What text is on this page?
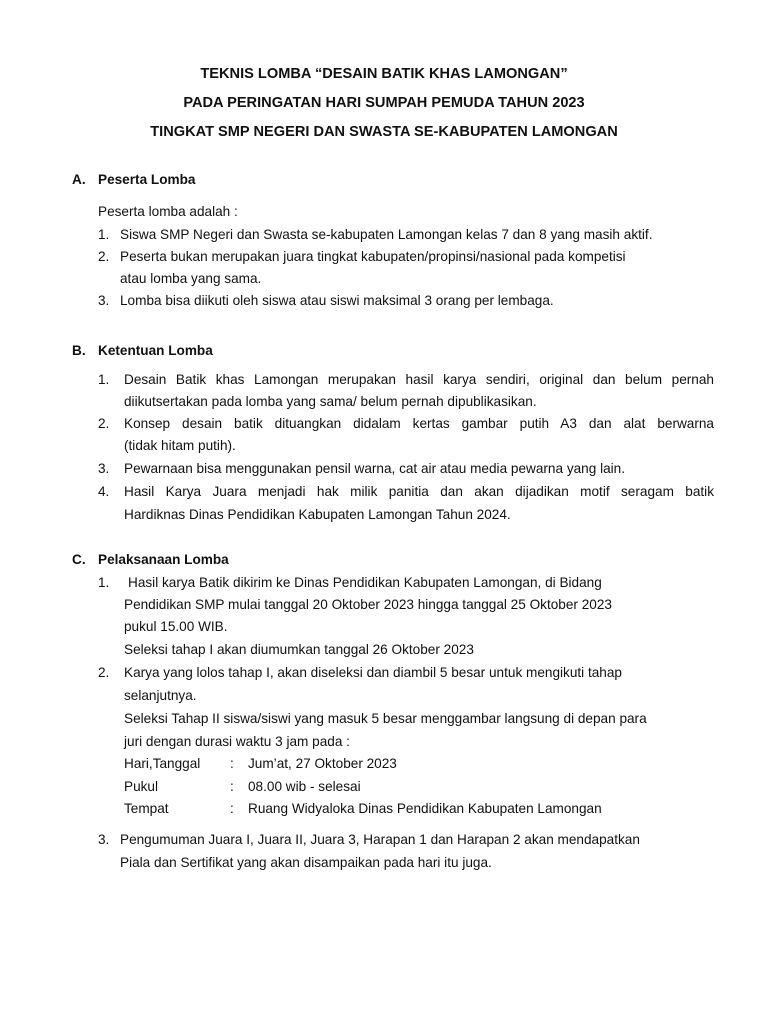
TEKNIS LOMBA “DESAIN BATIK KHAS LAMONGAN”
PADA PERINGATAN HARI SUMPAH PEMUDA TAHUN 2023
TINGKAT SMP NEGERI DAN SWASTA SE-KABUPATEN LAMONGAN
A. Peserta Lomba
Peserta lomba adalah :
1. Siswa SMP Negeri dan Swasta se-kabupaten Lamongan kelas 7 dan 8 yang masih aktif.
2. Peserta bukan merupakan juara tingkat kabupaten/propinsi/nasional pada kompetisi
atau lomba yang sama.
3. Lomba bisa diikuti oleh siswa atau siswi maksimal 3 orang per lembaga.
B. Ketentuan Lomba
1. Desain Batik khas Lamongan merupakan hasil karya sendiri, original dan belum pernah
diikutsertakan pada lomba yang sama/ belum pernah dipublikasikan.
2. Konsep desain batik dituangkan didalam kertas gambar putih A3 dan alat berwarna
(tidak hitam putih).
3. Pewarnaan bisa menggunakan pensil warna, cat air atau media pewarna yang lain.
4. Hasil Karya Juara menjadi hak milik panitia dan akan dijadikan motif seragam batik
Hardiknas Dinas Pendidikan Kabupaten Lamongan Tahun 2024.
C. Pelaksanaan Lomba
1. Hasil karya Batik dikirim ke Dinas Pendidikan Kabupaten Lamongan, di Bidang
Pendidikan SMP mulai tanggal 20 Oktober 2023 hingga tanggal 25 Oktober 2023
pukul 15.00 WIB.
Seleksi tahap I akan diumumkan tanggal 26 Oktober 2023
2. Karya yang lolos tahap I, akan diseleksi dan diambil 5 besar untuk mengikuti tahap
selanjutnya.
Seleksi Tahap II siswa/siswi yang masuk 5 besar menggambar langsung di depan para
juri dengan durasi waktu 3 jam pada :
Hari,Tanggal : Jum’at, 27 Oktober 2023
Pukul	: 08.00 wib - selesai
Tempat	: Ruang Widyaloka Dinas Pendidikan Kabupaten Lamongan
3. Pengumuman Juara I, Juara II, Juara 3, Harapan 1 dan Harapan 2 akan mendapatkan
Piala dan Sertifikat yang akan disampaikan pada hari itu juga.
